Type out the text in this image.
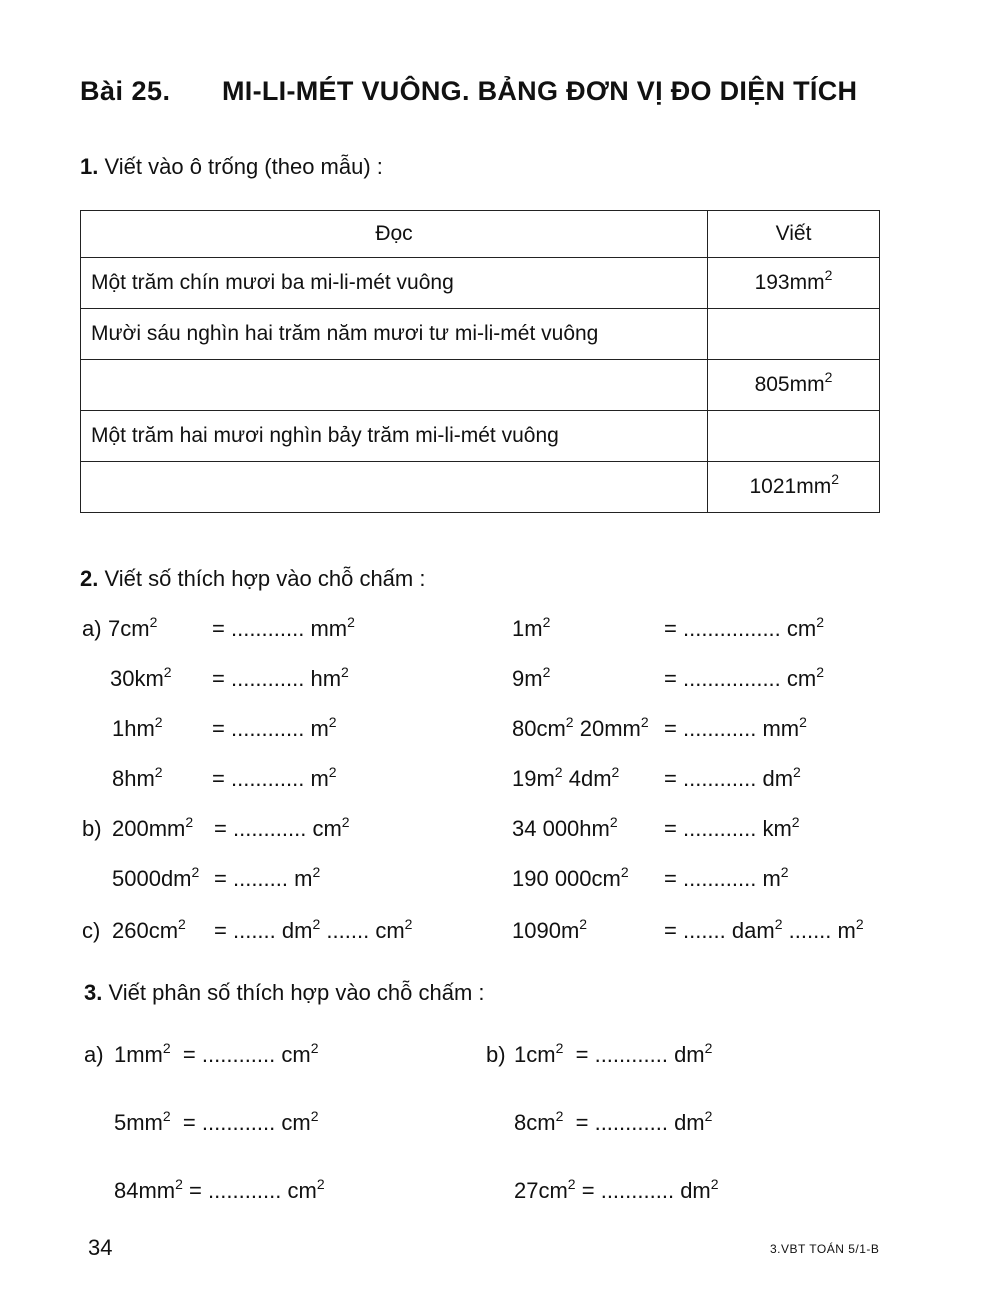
Bài 25. MI-LI-MÉT VUÔNG. BẢNG ĐƠN VỊ ĐO DIỆN TÍCH
1. Viết vào ô trống (theo mẫu) :
Đọc	Viết
Một trăm chín mươi ba mi-li-mét vuông	$193mm^2$
Mười sáu nghìn hai trăm năm mươi tư mi-li-mét vuông	
	$805mm^2$
Một trăm hai mươi nghìn bảy trăm mi-li-mét vuông	
	$1021mm^2$
2. Viết số thích hợp vào chỗ chấm :
a) $7cm^2$ = ............ $mm^2$
$30km^2$ = ............ $hm^2$
$1hm^2$ = ............ $m^2$
$8hm^2$ = ............ $m^2$
b) $200mm^2$ = ............ $cm^2$
$5000dm^2$ = ......... $m^2$
c) $260cm^2$ = ....... $dm^2$ ....... $cm^2$
$1m^2$	= ................ $cm^2$
$9m^2$	= ................ $cm^2$
$80cm^2$ $20mm^2$ = ............ $mm^2$
$19m^2$ $4dm^2$ = ............ $dm^2$
34 $000hm^2$ = ............ $km^2$
190 $000cm^2$ = ............ $m^2$
$1090m^2$	= ....... dam$^2$ ....... $m^2$
3. Viết phân số thích hợp vào chỗ chấm :
a) $1mm^2$ = ............ $cm^2$
$5mm^2$ = ............ $cm^2$
$84mm^2$ = ............ $cm^2$
b) $1cm^2$ = ............ $dm^2$
$8cm^2$ = ............ $dm^2$
$27cm^2$ = ............ $dm^2$
34	3.VBT TOÁN 5/1-B
